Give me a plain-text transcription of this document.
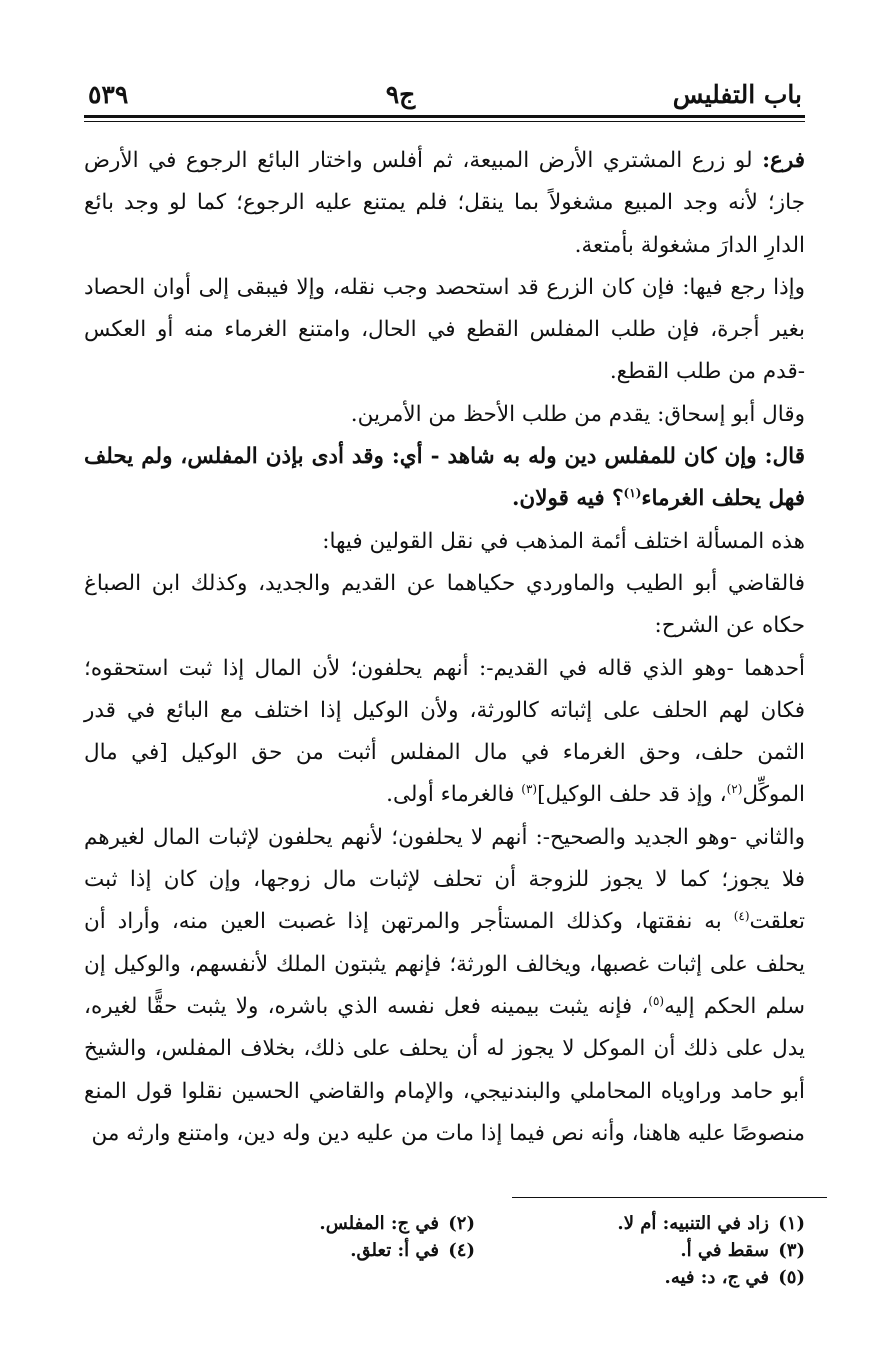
٥٣٩	ج٩	باب التفليس

فرع: لو زرع المشتري الأرض المبيعة، ثم أفلس واختار البائع الرجوع في الأرض جاز؛ لأنه وجد المبيع مشغولاً بما ينقل؛ فلم يمتنع عليه الرجوع؛ كما لو وجد بائع الدارِ الدارَ مشغولة بأمتعة.

وإذا رجع فيها: فإن كان الزرع قد استحصد وجب نقله، وإلا فيبقى إلى أوان الحصاد بغير أجرة، فإن طلب المفلس القطع في الحال، وامتنع الغرماء منه أو العكس -قدم من طلب القطع.

وقال أبو إسحاق: يقدم من طلب الأحظ من الأمرين.

قال: وإن كان للمفلس دين وله به شاهد - أي: وقد أدى بإذن المفلس، ولم يحلف فهل يحلف الغرماء$^{(١)}$؟ فيه قولان.

هذه المسألة اختلف أئمة المذهب في نقل القولين فيها:

فالقاضي أبو الطيب والماوردي حكياهما عن القديم والجديد، وكذلك ابن الصباغ حكاه عن الشرح:

أحدهما -وهو الذي قاله في القديم-: أنهم يحلفون؛ لأن المال إذا ثبت استحقوه؛ فكان لهم الحلف على إثباته كالورثة، ولأن الوكيل إذا اختلف مع البائع في قدر الثمن حلف، وحق الغرماء في مال المفلس أثبت من حق الوكيل [في مال الموكِّل$^{(٢)}$، وإذ قد حلف الوكيل]$^{(٣)}$ فالغرماء أولى.

والثاني -وهو الجديد والصحيح-: أنهم لا يحلفون؛ لأنهم يحلفون لإثبات المال لغيرهم فلا يجوز؛ كما لا يجوز للزوجة أن تحلف لإثبات مال زوجها، وإن كان إذا ثبت تعلقت$^{(٤)}$ به نفقتها، وكذلك المستأجر والمرتهن إذا غصبت العين منه، وأراد أن يحلف على إثبات غصبها، ويخالف الورثة؛ فإنهم يثبتون الملك لأنفسهم، والوكيل إن سلم الحكم إليه$^{(٥)}$، فإنه يثبت بيمينه فعل نفسه الذي باشره، ولا يثبت حقًّا لغيره، يدل على ذلك أن الموكل لا يجوز له أن يحلف على ذلك، بخلاف المفلس، والشيخ أبو حامد وراوياه المحاملي والبندنيجي، والإمام والقاضي الحسين نقلوا قول المنع منصوصًا عليه هاهنا، وأنه نص فيما إذا مات من عليه دين وله دين، وامتنع وارثه من

(١)زاد في التنبيه: أم لا.
(٢)في ج: المفلس.
(٣)سقط في أ.
(٤)في أ: تعلق.
(٥)في ج، د: فيه.
